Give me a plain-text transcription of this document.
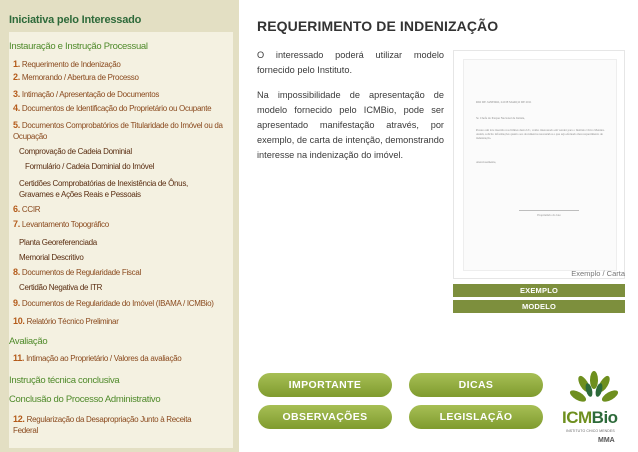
Iniciativa pelo Interessado
Instauração e Instrução Processual
1. Requerimento de Indenização
2. Memorando / Abertura de Processo
3. Intimação / Apresentação de Documentos
4. Documentos de Identificação do Proprietário ou Ocupante
5. Documentos Comprobatórios de Titularidade do Imóvel ou da Ocupação
Comprovação de Cadeia Dominial
Formulário / Cadeia Dominial do Imóvel
Certidões Comprobatórias de Inexistência de Ônus, Gravames e Ações Reais e Pessoais
6. CCIR
7. Levantamento Topográfico
Planta Georeferenciada
Memorial Descritivo
8. Documentos de Regularidade Fiscal
Certidão Negativa de ITR
9. Documentos de Regularidade do Imóvel (IBAMA / ICMBio)
10. Relatório Técnico Preliminar
Avaliação
11. Intimação ao Proprietário / Valores da avaliação
Instrução técnica conclusiva
Conclusão do Processo Administrativo
12. Regularização da Desapropriação Junto à Receita Federal
REQUERIMENTO DE INDENIZAÇÃO
O interessado poderá utilizar modelo fornecido pelo Instituto.
Na impossibilidade de apresentação de modelo fornecido pelo ICMBio, pode ser apresentado manifestação através, por exemplo, de carta de intenção, demonstrando interesse na indenização do imóvel.
RIO DE JANEIRO, 24 DE MARÇO DE 2011
Sr. Chefe do Parque Nacional de Itatiaia,
Possuo um lote inserido nos limites desta UC, venho interessado em vender para o Instituto Chico Mendes. Assim, solicito informações quanto aos documentos necessários e que seja efetuado meu requerimento de indenização.
Atenciosamente,
Proprietário do lote
Exemplo / Carta
EXEMPLO
MODELO
IMPORTANTE	DICAS
OBSERVAÇÕES	LEGISLAÇÃO	ICMBio
INSTITUTO CHICO MENDES
MMA
